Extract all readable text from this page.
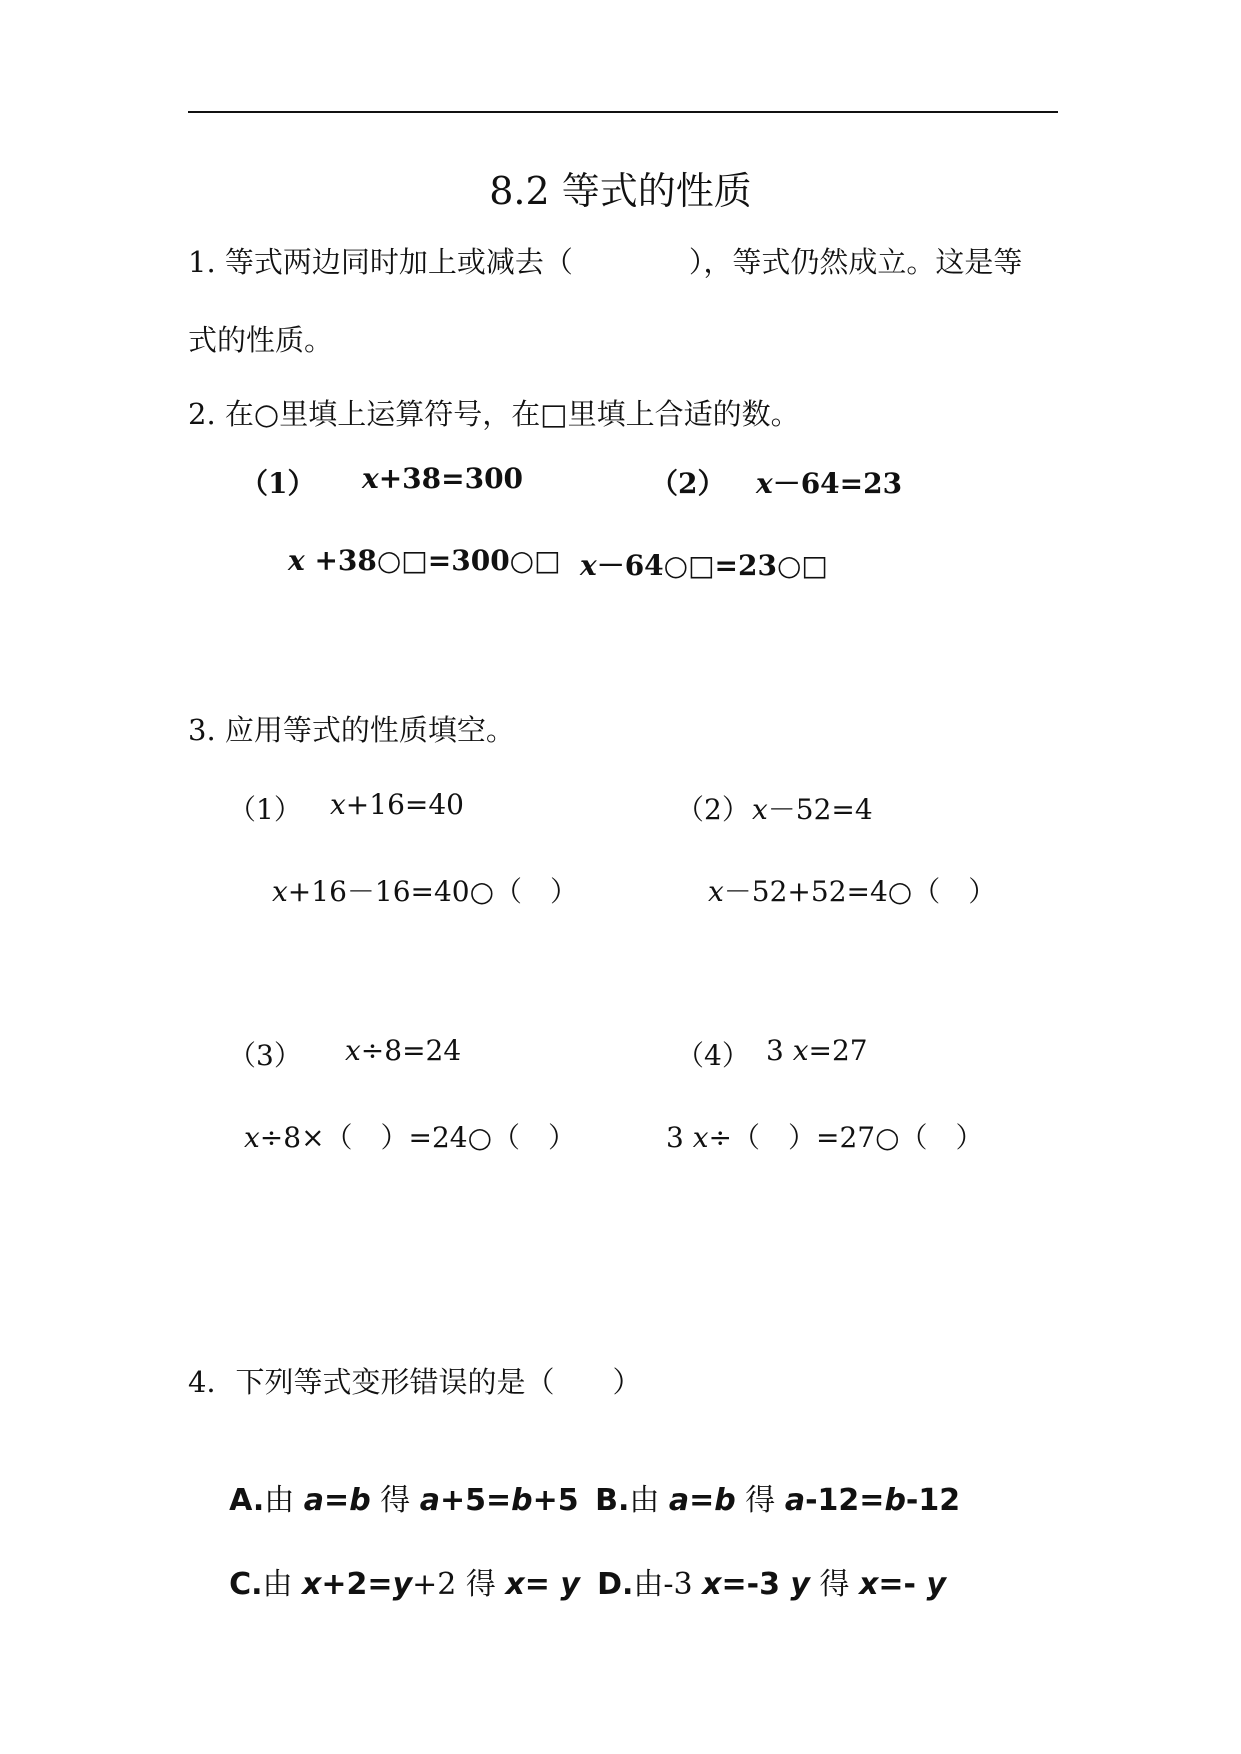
8.2 等式的性质
1. 等式两边同时加上或减去（　　　　），等式仍然成立。这是等
式的性质。
2. 在○里填上运算符号，在□里填上合适的数。
（1） x+38=300	（2） x－64=23
x +38○□=300○□ x－64○□=23○□
3. 应用等式的性质填空。
（1） x+16=40	（2） x－52=4
x+16－16=40○（　）	x－52+52=4○（　）
（3） x÷8=24	（4） 3 x=27
x÷8×（　）=24○（　）	3 x÷（　）=27○（　）
4．下列等式变形错误的是（　　）

A.由 a=b 得 a+5=b+5 B.由 a=b 得 a-12=b-12

C.由 x+2=y+2 得 x= y D.由-3 x=-3 y 得 x=- y
